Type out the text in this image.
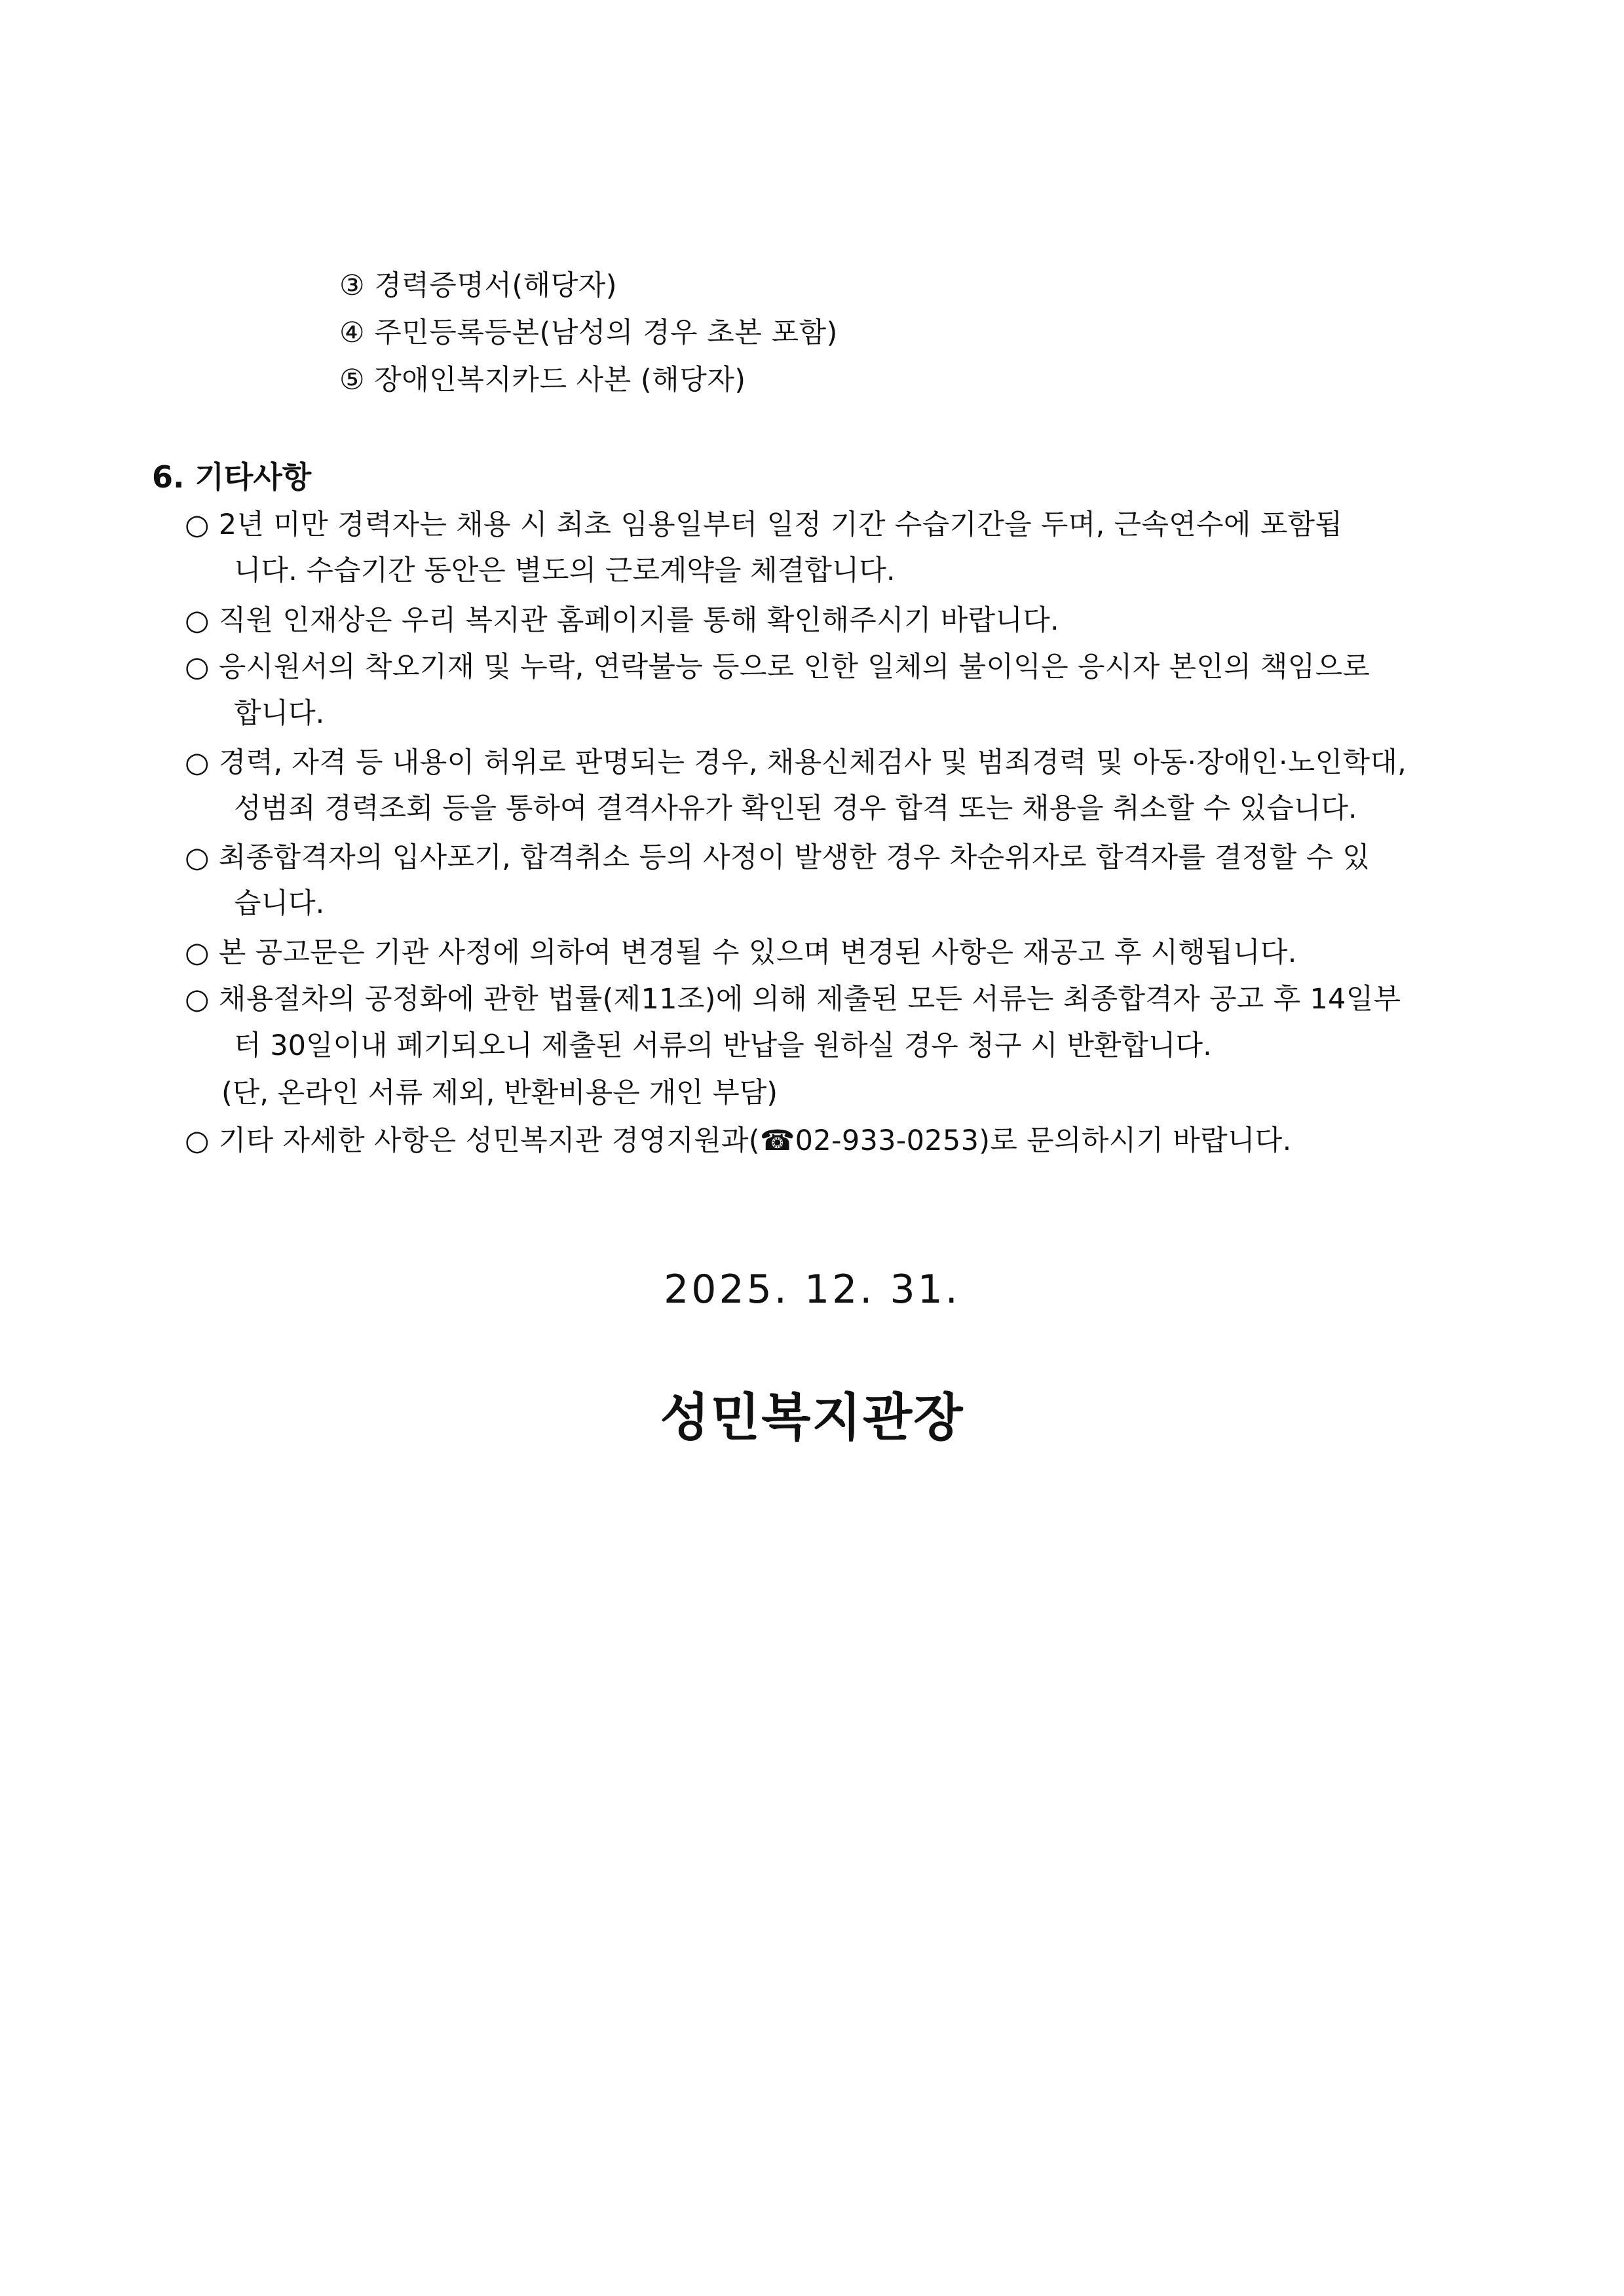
③ 경력증명서(해당자)
④ 주민등록등본(남성의 경우 초본 포함)
⑤ 장애인복지카드 사본 (해당자)
6. 기타사항
○ 2년 미만 경력자는 채용 시 최초 임용일부터 일정 기간 수습기간을 두며, 근속연수에 포함됩
니다. 수습기간 동안은 별도의 근로계약을 체결합니다.
○ 직원 인재상은 우리 복지관 홈페이지를 통해 확인해주시기 바랍니다.
○ 응시원서의 착오기재 및 누락, 연락불능 등으로 인한 일체의 불이익은 응시자 본인의 책임으로
합니다.
○ 경력, 자격 등 내용이 허위로 판명되는 경우, 채용신체검사 및 범죄경력 및 아동·장애인·노인학대,
성범죄 경력조회 등을 통하여 결격사유가 확인된 경우 합격 또는 채용을 취소할 수 있습니다.
○ 최종합격자의 입사포기, 합격취소 등의 사정이 발생한 경우 차순위자로 합격자를 결정할 수 있
습니다.
○ 본 공고문은 기관 사정에 의하여 변경될 수 있으며 변경된 사항은 재공고 후 시행됩니다.
○ 채용절차의 공정화에 관한 법률(제11조)에 의해 제출된 모든 서류는 최종합격자 공고 후 14일부
터 30일이내 폐기되오니 제출된 서류의 반납을 원하실 경우 청구 시 반환합니다.
(단, 온라인 서류 제외, 반환비용은 개인 부담)
○ 기타 자세한 사항은 성민복지관 경영지원과(☎02-933-0253)로 문의하시기 바랍니다.
2025. 12. 31.
성민복지관장
